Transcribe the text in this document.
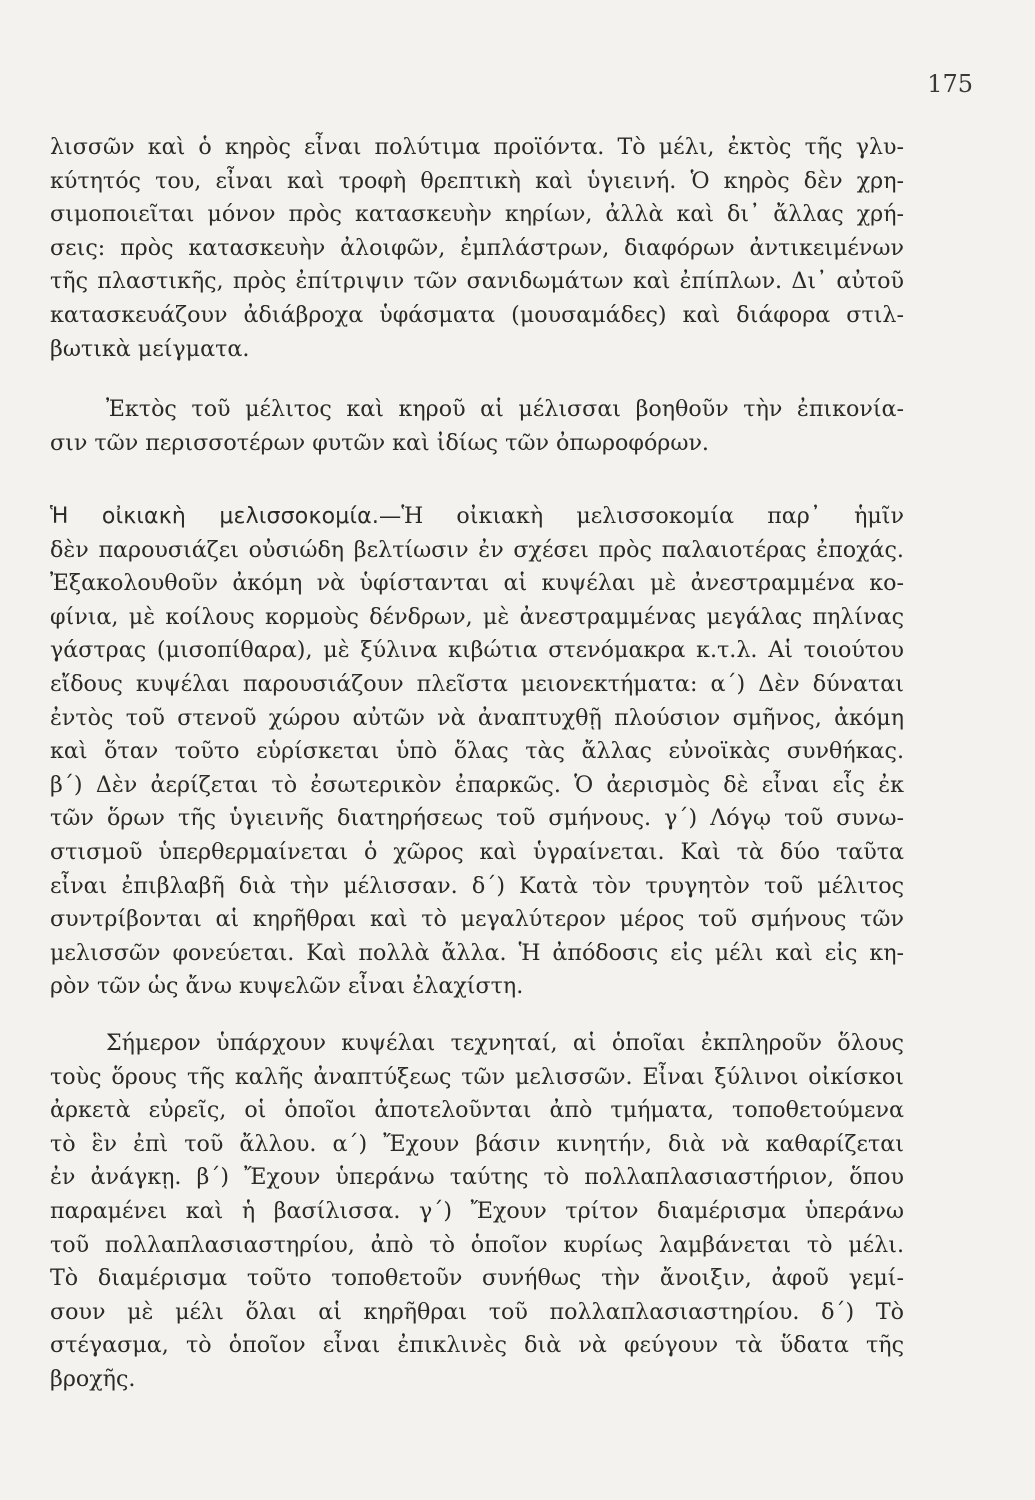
175
λισσῶν καὶ ὁ κηρὸς εἶναι πολύτιμα προϊόντα. Τὸ μέλι, ἐκτὸς τῆς γλυ-
κύτητός του, εἶναι καὶ τροφὴ θρεπτικὴ καὶ ὑγιεινή. Ὁ κηρὸς δὲν χρη-
σιμοποιεῖται μόνον πρὸς κατασκευὴν κηρίων, ἀλλὰ καὶ δι᾽ ἄλλας χρή-
σεις: πρὸς κατασκευὴν ἀλοιφῶν, ἐμπλάστρων, διαφόρων ἀντικειμένων
τῆς πλαστικῆς, πρὸς ἐπίτριψιν τῶν σανιδωμάτων καὶ ἐπίπλων. Δι᾽ αὐτοῦ
κατασκευάζουν ἀδιάβροχα ὑφάσματα (μουσαμάδες) καὶ διάφορα στιλ-
βωτικὰ μείγματα.
Ἐκτὸς τοῦ μέλιτος καὶ κηροῦ αἱ μέλισσαι βοηθοῦν τὴν ἐπικονία-
σιν τῶν περισσοτέρων φυτῶν καὶ ἰδίως τῶν ὀπωροφόρων.
Ἡ οἰκιακὴ μελισσοκομία.—Ἡ οἰκιακὴ μελισσοκομία παρ᾽ ἡμῖν
δὲν παρουσιάζει οὐσιώδη βελτίωσιν ἐν σχέσει πρὸς παλαιοτέρας ἐποχάς.
Ἐξακολουθοῦν ἀκόμη νὰ ὑφίστανται αἱ κυψέλαι μὲ ἀνεστραμμένα κο-
φίνια, μὲ κοίλους κορμοὺς δένδρων, μὲ ἀνεστραμμένας μεγάλας πηλίνας
γάστρας (μισοπίθαρα), μὲ ξύλινα κιβώτια στενόμακρα κ.τ.λ. Αἱ τοιούτου
εἴδους κυψέλαι παρουσιάζουν πλεῖστα μειονεκτήματα: α΄) Δὲν δύναται
ἐντὸς τοῦ στενοῦ χώρου αὐτῶν νὰ ἀναπτυχθῇ πλούσιον σμῆνος, ἀκόμη
καὶ ὅταν τοῦτο εὑρίσκεται ὑπὸ ὅλας τὰς ἄλλας εὐνοϊκὰς συνθήκας.
β΄) Δὲν ἀερίζεται τὸ ἐσωτερικὸν ἐπαρκῶς. Ὁ ἀερισμὸς δὲ εἶναι εἷς ἐκ
τῶν ὅρων τῆς ὑγιεινῆς διατηρήσεως τοῦ σμήνους. γ΄) Λόγῳ τοῦ συνω-
στισμοῦ ὑπερθερμαίνεται ὁ χῶρος καὶ ὑγραίνεται. Καὶ τὰ δύο ταῦτα
εἶναι ἐπιβλαβῆ διὰ τὴν μέλισσαν. δ΄) Κατὰ τὸν τρυγητὸν τοῦ μέλιτος
συντρίβονται αἱ κηρῆθραι καὶ τὸ μεγαλύτερον μέρος τοῦ σμήνους τῶν
μελισσῶν φονεύεται. Καὶ πολλὰ ἄλλα. Ἡ ἀπόδοσις εἰς μέλι καὶ εἰς κη-
ρὸν τῶν ὡς ἄνω κυψελῶν εἶναι ἐλαχίστη.
Σήμερον ὑπάρχουν κυψέλαι τεχνηταί, αἱ ὁποῖαι ἐκπληροῦν ὅλους
τοὺς ὅρους τῆς καλῆς ἀναπτύξεως τῶν μελισσῶν. Εἶναι ξύλινοι οἰκίσκοι
ἀρκετὰ εὐρεῖς, οἱ ὁποῖοι ἀποτελοῦνται ἀπὸ τμήματα, τοποθετούμενα
τὸ ἓν ἐπὶ τοῦ ἄλλου. α΄) Ἔχουν βάσιν κινητήν, διὰ νὰ καθαρίζεται
ἐν ἀνάγκῃ. β΄) Ἔχουν ὑπεράνω ταύτης τὸ πολλαπλασιαστήριον, ὅπου
παραμένει καὶ ἡ βασίλισσα. γ΄) Ἔχουν τρίτον διαμέρισμα ὑπεράνω
τοῦ πολλαπλασιαστηρίου, ἀπὸ τὸ ὁποῖον κυρίως λαμβάνεται τὸ μέλι.
Τὸ διαμέρισμα τοῦτο τοποθετοῦν συνήθως τὴν ἄνοιξιν, ἀφοῦ γεμί-
σουν μὲ μέλι ὅλαι αἱ κηρῆθραι τοῦ πολλαπλασιαστηρίου. δ΄) Τὸ
στέγασμα, τὸ ὁποῖον εἶναι ἐπικλινὲς διὰ νὰ φεύγουν τὰ ὕδατα τῆς
βροχῆς.
